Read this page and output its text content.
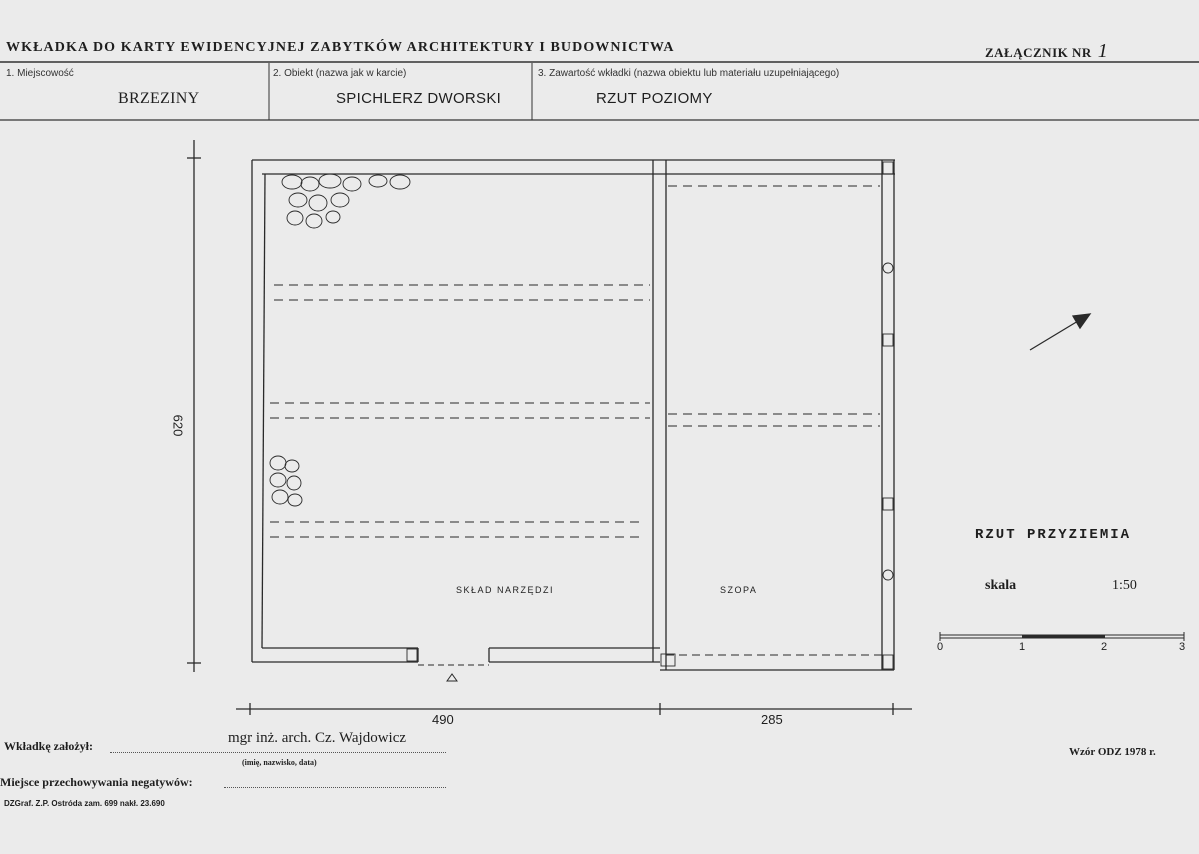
WKŁADKA DO KARTY EWIDENCYJNEJ ZABYTKÓW ARCHITEKTURY I BUDOWNICTWA	ZAŁĄCZNIK NR 1
1. Miejscowość
BRZEZINY
2. Obiekt (nazwa jak w karcie)
SPICHLERZ DWORSKI
3. Zawartość wkładki (nazwa obiektu lub materiału uzupełniającego)
RZUT POZIOMY
SKŁAD NARZĘDZI	SZOPA
620
490	285
RZUT PRZYZIEMIA
skala	1:50
0	1	2	3
Wkładkę założył:	mgr inż. arch. Cz. Wajdowicz
(imię, nazwisko, data)
Miejsce przechowywania negatywów:
Wzór ODZ 1978 r.
DZGraf. Z.P. Ostróda zam. 699 nakł. 23.690
